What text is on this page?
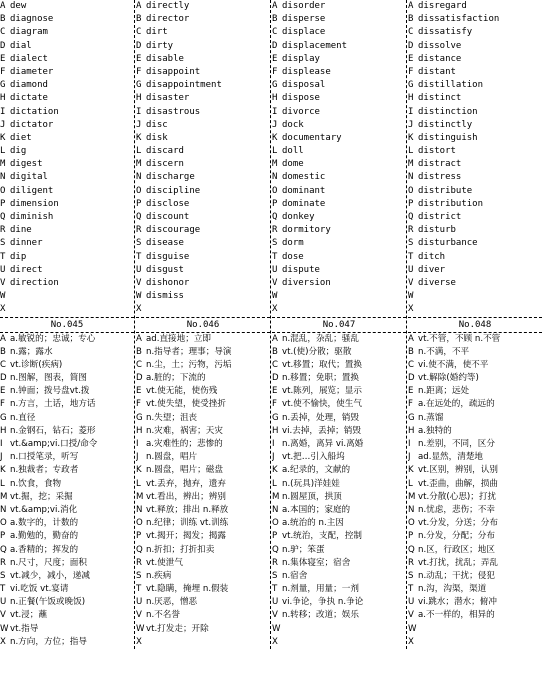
A dew
B diagnose
C diagram
D dial
E dialect
F diameter
G diamond
H dictate
I dictation
J dictator
K diet
L dig
M digest
N digital
O diligent
P dimension
Q diminish
R dine
S dinner
T dip
U direct
V direction
W
X
No.045
A a.敏锐的；忠诚；专心
B n.露；露水
C vt.诊断(疾病)
D n.图解，图表，简图
E n.钟面；拨号盘vt.拨
F n.方言，土话，地方话
G n.直径
H n.金钢石，钻石；菱形
I vt.&amp;vi.口授/命令
J n.口授笔录，听写
K n.独裁者；专政者
L n.饮食，食物
M vt.掘，挖；采掘
N vt.&amp;vi.消化
O a.数字的，计数的
P a.勤勉的，勤奋的
Q a.香精的；挥发的
R n.尺寸，尺度；面积
S vt.减少，减小，递减
T vi.吃饭 vt.宴请
U n.正餐(午饭或晚饭)
V vt.浸；蘸
W vt.指导
X n.方向，方位；指导
A directly
B director
C dirt
D dirty
E disable
F disappoint
G disappointment
H disaster
I disastrous
J disc
K disk
L discard
M discern
N discharge
O discipline
P disclose
Q discount
R discourage
S disease
T disguise
U disgust
V dishonor
W dismiss
X
No.046
A ad.直接地；立即
B n.指导者；理事；导演
C n.尘，土；污物，污垢
D a.脏的；下流的
E vt.使无能，使伤残
F vt.使失望，使受挫折
G n.失望；沮丧
H n.灾难，祸害；天灾
I a.灾难性的；悲惨的
J n.圆盘，唱片
K n.圆盘，唱片；磁盘
L vt.丢弃，抛弃，遗弃
M vt.看出，辨出；辨别
N vt.释放；排出 n.释放
O n.纪律；训练 vt.训练
P vt.揭开；揭发；揭露
Q n.折扣；打折扣卖
R vt.使泄气
S n.疾病
T vt.隐瞒，掩埋 n.假装
U n.厌恶，憎恶
V n.不名誉
W vt.打发走；开除
X
A disorder
B disperse
C displace
D displacement
E display
F displease
G disposal
H dispose
I divorce
J dock
K documentary
L doll
M dome
N domestic
O dominant
P dominate
Q donkey
R dormitory
S dorm
T dose
U dispute
V diversion
W
X
No.047
A n.混乱，杂乱；骚乱
B vt.(使)分散；驱散
C vt.移置；取代；置换
D n.移置；免职；置换
E vt.陈列，展览；显示
F vt.使不愉快，使生气
G n.丢掉，处理，销毁
H vi.去掉，丢掉；销毁
I n.离婚，离异 vi.离婚
J vt.把…引入船坞
K a.纪录的，文献的
L n.(玩具)洋娃娃
M n.圆屋顶，拱顶
N a.本国的；家庭的
O a.统治的 n.主因
P vt.统治，支配，控制
Q n.驴；笨蛋
R n.集体寝室；宿舍
S n.宿舍
T n.剂量，用量；一剂
U vi.争论，争执 n.争论
V n.转移；改道；娱乐
W
X
A disregard
B dissatisfaction
C dissatisfy
D dissolve
E distance
F distant
G distillation
H distinct
I distinction
J distinctly
K distinguish
L distort
M distract
N distress
O distribute
P distribution
Q district
R disturb
S disturbance
T ditch
U diver
V diverse
W
X
No.048
A vt.不管，不顾 n.不管
B n.不满，不平
C vi.使不满，使不平
D vt.解除(婚约等)
E n.距离；远处
F a.在远处的，疏远的
G n.蒸馏
H a.独特的
I n.差别，不同，区分
J ad.显然，清楚地
K vt.区别，辨别，认别
L vt.歪曲，曲解，损曲
M vt.分散(心思)；打扰
N n.忧虑，悲伤；不幸
O vt.分发，分送；分布
P n.分发，分配；分布
Q n.区，行政区；地区
R vt.打扰，扰乱；弄乱
S n.动乱；干扰；侵犯
T n.沟，沟渠，渠道
U vi.跳水；潜水；俯冲
V a.不一样的，相异的
W
X
